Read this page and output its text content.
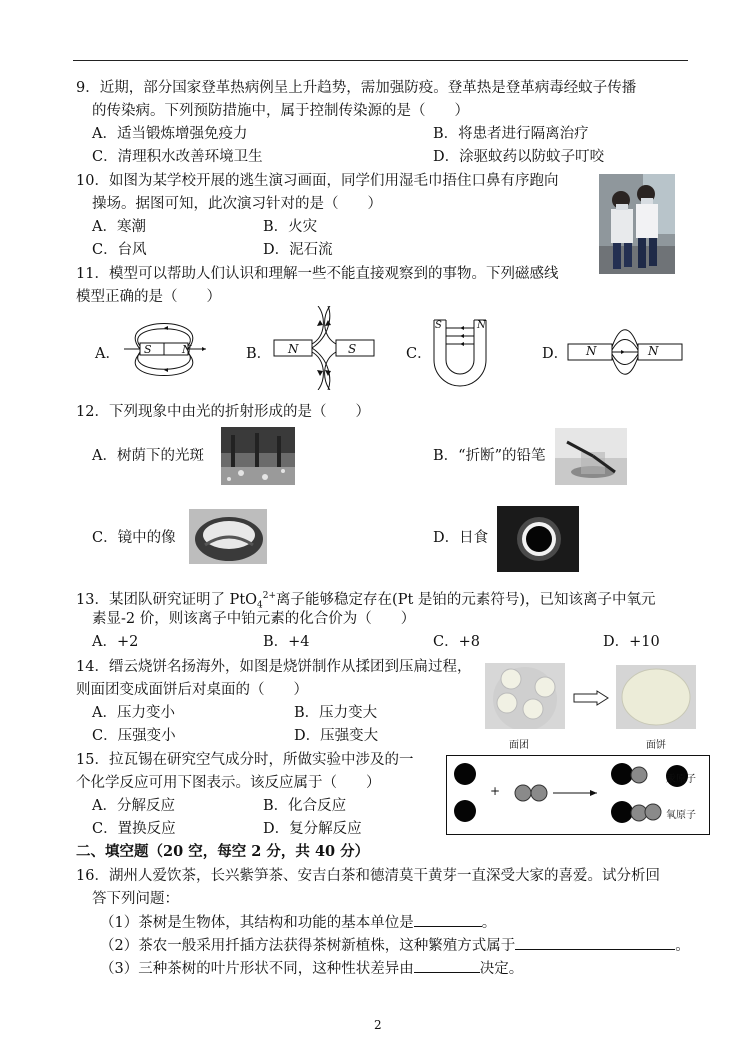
9．近期，部分国家登革热病例呈上升趋势，需加强防疫。登革热是登革病毒经蚊子传播
的传染病。下列预防措施中，属于控制传染源的是（　　）
A．适当锻炼增强免疫力	B．将患者进行隔离治疗
C．清理积水改善环境卫生	D．涂驱蚊药以防蚊子叮咬
10．如图为某学校开展的逃生演习画面，同学们用湿毛巾捂住口鼻有序跑向
操场。据图可知，此次演习针对的是（　　）
A．寒潮	B．火灾
C．台风	D．泥石流
11．模型可以帮助人们认识和理解一些不能直接观察到的事物。下列磁感线
模型正确的是（　　）
A． S	N	B． N	S	C．
S	N
D． N	N
12．下列现象中由光的折射形成的是（　　）
A．树荫下的光斑	B．“折断”的铅笔
C．镜中的像	D．日食
13．某团队研究证明了 PtO$_4^{2+}$离子能够稳定存在(Pt 是铂的元素符号)，已知该离子中氧元
素显-2 价，则该离子中铂元素的化合价为（　　）
A．+2	B．+4	C．+8	D．+10
14．缙云烧饼名扬海外，如图是烧饼制作从揉团到压扁过程，
则面团变成面饼后对桌面的（　　）
A．压力变小	B．压力变大
C．压强变小	D．压强变大
面团	面饼
15．拉瓦锡在研究空气成分时，所做实验中涉及的一
个化学反应可用下图表示。该反应属于（　　）
A．分解反应	B．化合反应
C．置换反应	D．复分解反应
+
汞原子
氧原子
二、填空题（20 空，每空 2 分，共 40 分）
16．湖州人爱饮茶，长兴紫笋茶、安吉白茶和德清莫干黄芽一直深受大家的喜爱。试分析回
答下列问题：
（1）茶树是生物体，其结构和功能的基本单位是	。
（2）茶农一般采用扦插方法获得茶树新植株，这种繁殖方式属于	。
（3）三种茶树的叶片形状不同，这种性状差异由	决定。
2
